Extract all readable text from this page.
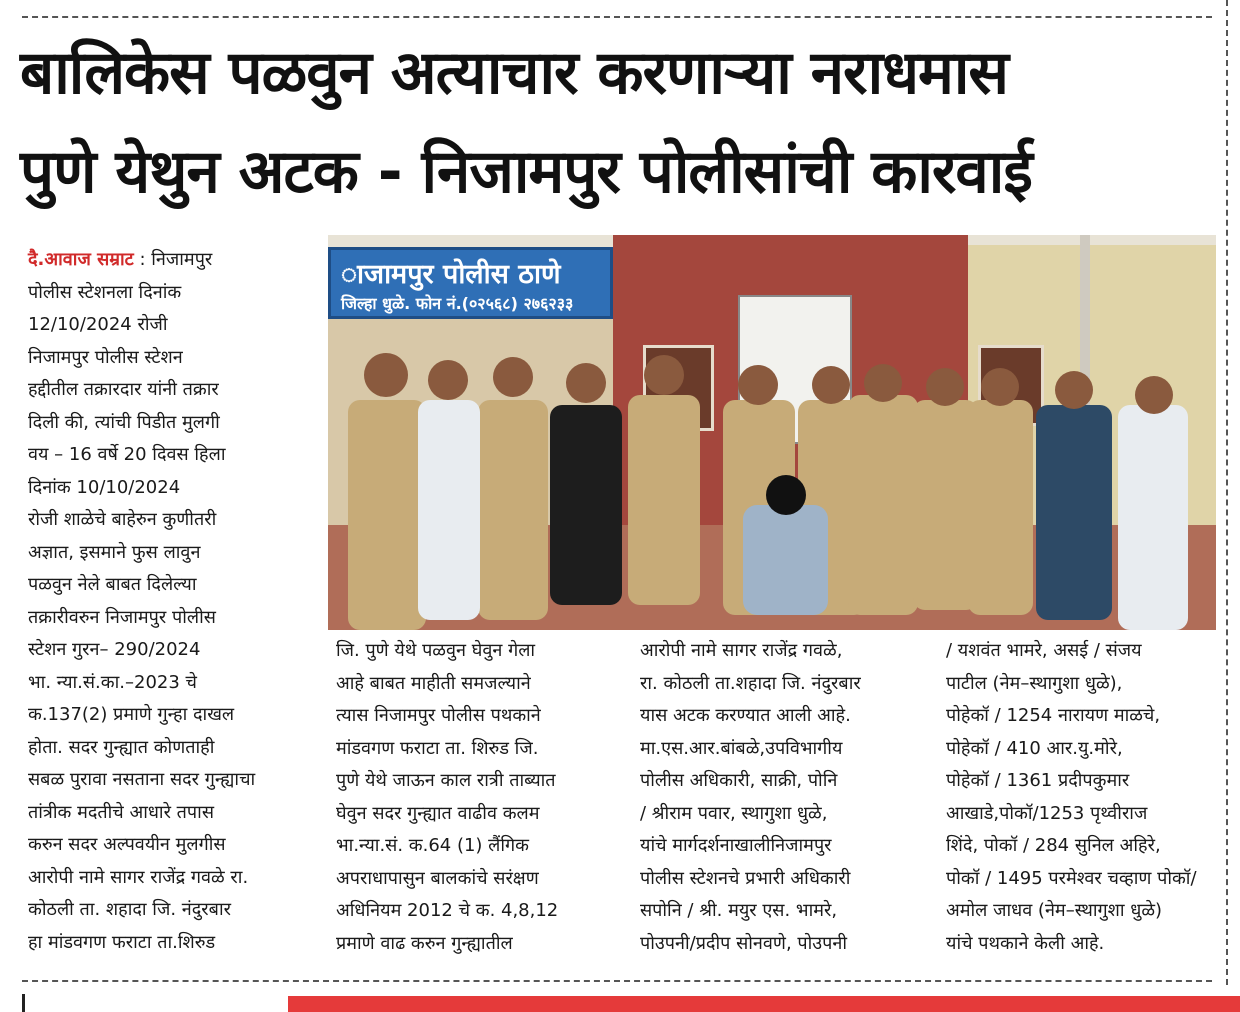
बालिकेस पळवुन अत्याचार करणाऱ्या नराधमास
पुणे येथुन अटक - निजामपुर पोलीसांची कारवाई
ाजामपुर पोलीस ठाणे
जिल्हा धुळे. फोन नं.(०२५६८) २७६२३३

दै.आवाज सम्राट : निजामपुर
पोलीस स्टेशनला दिनांक
12/10/2024 रोजी
निजामपुर पोलीस स्टेशन
हद्दीतील तक्रारदार यांनी तक्रार
दिली की, त्यांची पिडीत मुलगी
वय – 16 वर्षे 20 दिवस हिला
दिनांक 10/10/2024
रोजी शाळेचे बाहेरुन कुणीतरी
अज्ञात, इसमाने फुस लावुन
पळवुन नेले बाबत दिलेल्या
तक्रारीवरुन निजामपुर पोलीस
स्टेशन गुरन– 290/2024
भा. न्या.सं.का.–2023 चे
क.137(2) प्रमाणे गुन्हा दाखल
होता. सदर गुन्ह्यात कोणताही
सबळ पुरावा नसताना सदर गुन्ह्याचा
तांत्रीक मदतीचे आधारे तपास
करुन सदर अल्पवयीन मुलगीस
आरोपी नामे सागर राजेंद्र गवळे रा.
कोठली ता. शहादा जि. नंदुरबार
हा मांडवगण फराटा ता.शिरुड

जि. पुणे येथे पळवुन घेवुन गेला
आहे बाबत माहीती समजल्याने
त्यास निजामपुर पोलीस पथकाने
मांडवगण फराटा ता. शिरुड जि.
पुणे येथे जाऊन काल रात्री ताब्यात
घेवुन सदर गुन्ह्यात वाढीव कलम
भा.न्या.सं. क.64 (1) लैंगिक
अपराधापासुन बालकांचे सरंक्षण
अधिनियम 2012 चे क. 4,8,12
प्रमाणे वाढ करुन गुन्ह्यातील

आरोपी नामे सागर राजेंद्र गवळे,
रा. कोठली ता.शहादा जि. नंदुरबार
यास अटक करण्यात आली आहे.
मा.एस.आर.बांबळे,उपविभागीय
पोलीस अधिकारी, साक्री, पोनि
/ श्रीराम पवार, स्थागुशा धुळे,
यांचे मार्गदर्शनाखालीनिजामपुर
पोलीस स्टेशनचे प्रभारी अधिकारी
सपोनि / श्री. मयुर एस. भामरे,
पोउपनी/प्रदीप सोनवणे, पोउपनी

/ यशवंत भामरे, असई / संजय
पाटील (नेम–स्थागुशा धुळे),
पोहेकॉ / 1254 नारायण माळचे,
पोहेकॉ / 410 आर.यु.मोरे,
पोहेकॉ / 1361 प्रदीपकुमार
आखाडे,पोकॉ/1253 पृथ्वीराज
शिंदे, पोकॉ / 284 सुनिल अहिरे,
पोकॉ / 1495 परमेश्वर चव्हाण पोकॉ/
अमोल जाधव (नेम–स्थागुशा धुळे)
यांचे पथकाने केली आहे.
